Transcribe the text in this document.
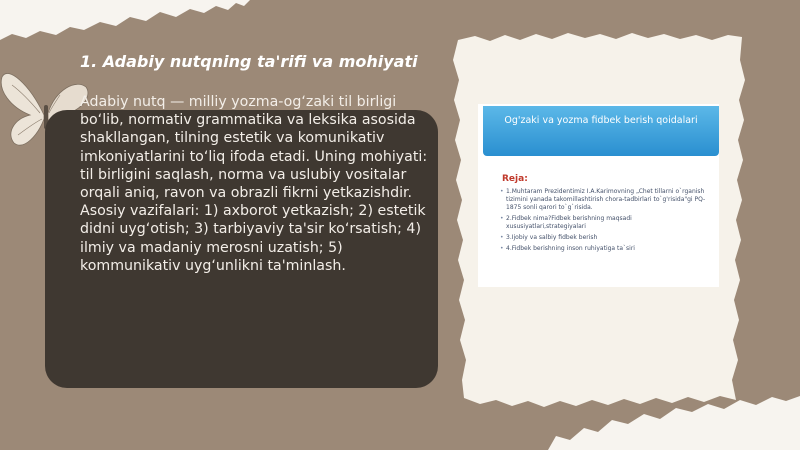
1. Adabiy nutqning ta'rifi va mohiyati

Adabiy nutq — milliy yozma-og‘zaki til birligi bo‘lib, normativ grammatika va leksika asosida shakllangan, tilning estetik va komunikativ imkoniyatlarini to‘liq ifoda etadi. Uning mohiyati: til birligini saqlash, norma va uslubiy vositalar orqali aniq, ravon va obrazli fikrni yetkazishdir. Asosiy vazifalari: 1) axborot yetkazish; 2) estetik didni uyg‘otish; 3) tarbiyaviy ta'sir ko‘rsatish; 4) ilmiy va madaniy merosni uzatish; 5) kommunikativ uyg‘unlikni ta'minlash.

Og'zaki va yozma fidbek berish qoidalari
Reja:
• 1.Muhtaram Prezidentimiz I.A.Karimovning „Chet tillarni o`rganish tizimini yanada takomillashtirish chora-tadbirlari to`g'risida"gi PQ-1875 sonli qarori to`g`risida.
• 2.Fidbek nima?Fidbek berishning maqsadi xususiyatlari,strategiyalari
• 3.Ijobiy va salbiy fidbek berish
• 4.Fidbek berishning inson ruhiyatiga ta`siri
